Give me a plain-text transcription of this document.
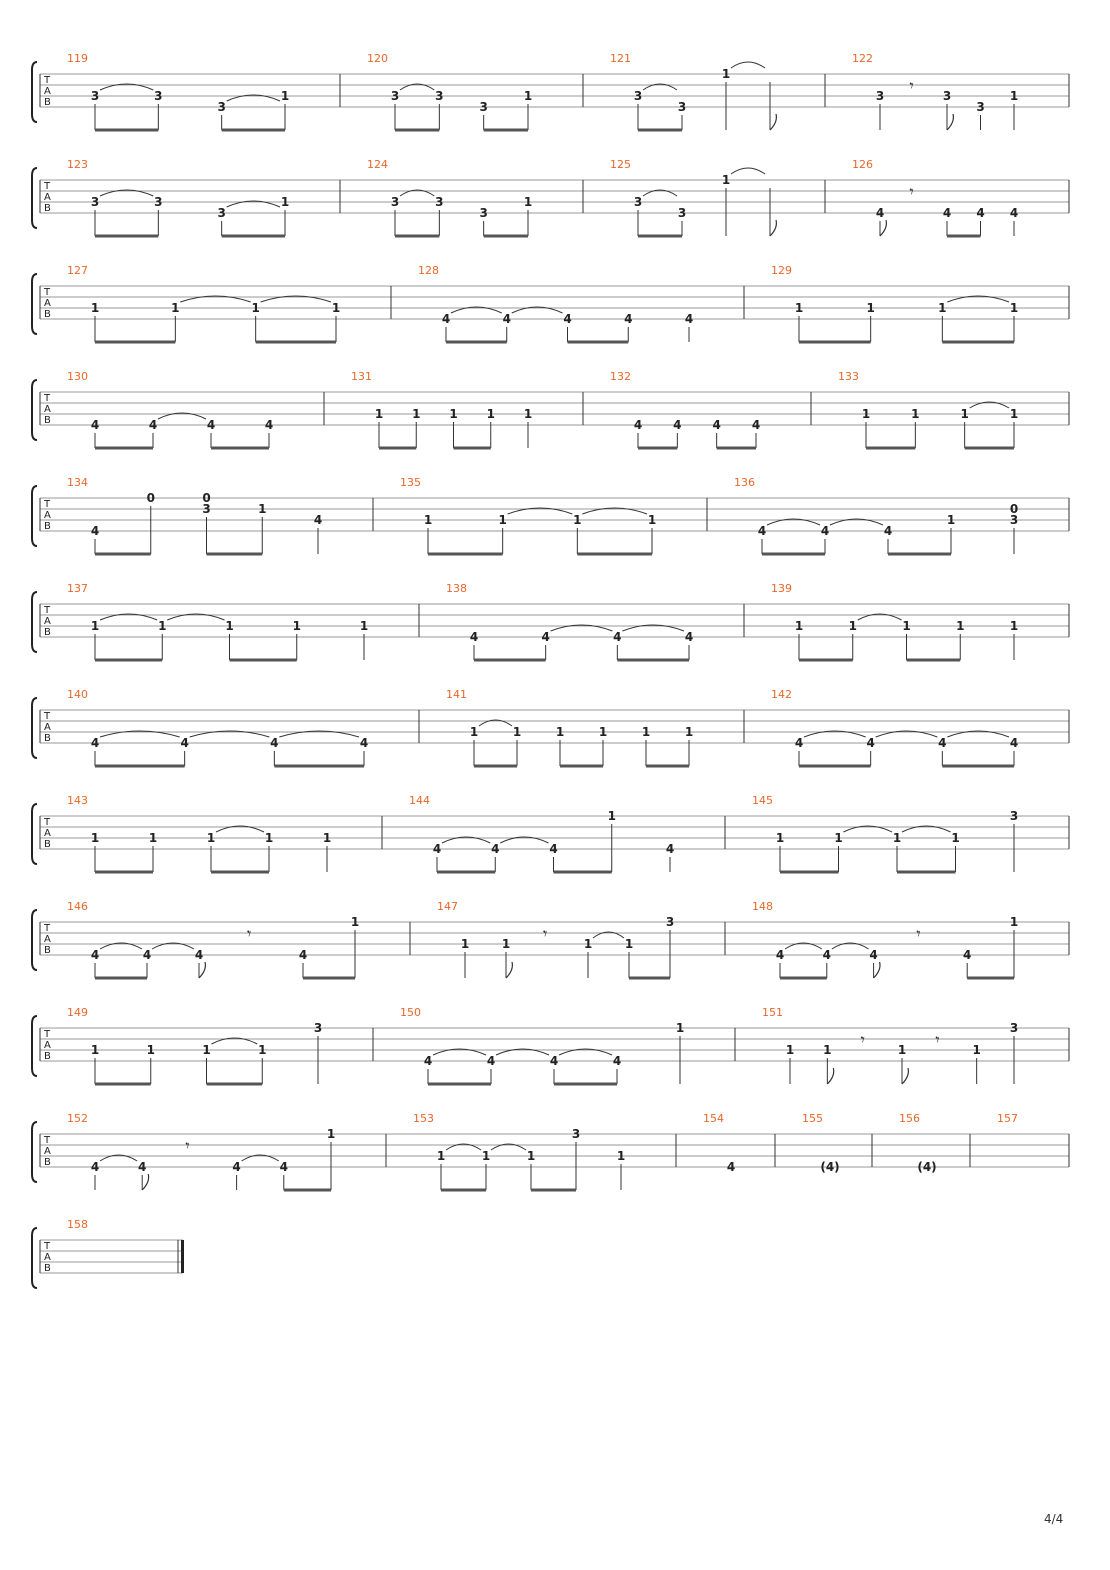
T
A
B
119
3	3
3
1
120
3	3
3
1
121
3
3
1
122
3
𝄾
3
3
1
T
A
B
123
3	3
3
1
124
3	3
3
1
125
3
3
1
126
4
𝄾
4 4 4
T
A
B
127
1	1	1	1
128
4	4	4	4	4
129
1	1	1	1
T
A
B
130
4	4	4	4
131
1 1 1 1 1
132
4	4	4	4
133
1	1	1	1
T
A
B
134
4
0	0
3	1
4
135
1	1	1	1
136
4	4	4
1
0
3
T
A
B
137
1	1	1	1	1
138
4	4	4	4
139
1	1	1	1	1
T
A
B
140
4	4	4	4
141
1	1	1	1	1	1
142
4	4	4	4
T
A
B
143
1	1	1	1	1
144
4	4	4
1
4
145
1	1	1	1
3
T
A
B
146
4	4	4
𝄾
4
1
147
1	1
𝄾
1	1
3
148
4	4	4
𝄾
4
1
T
A
B
149
1	1	1	1
3
150
4	4	4	4
1
151
1 1
𝄾
1
𝄾
1
3
T
A
B
152
4	4
𝄾
4	4
1
153
1	1	1
3
1
154
4
155
(4)
156
(4)
157
T
A
B
158
4/4
